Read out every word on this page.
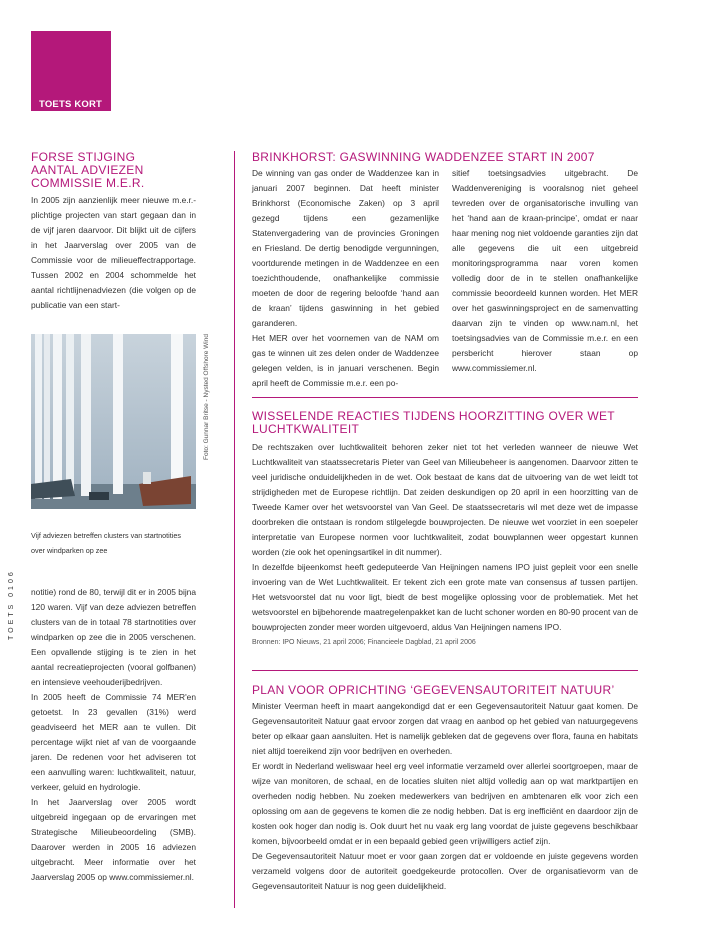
TOETS KORT
TOETS 0106
FORSE STIJGING
AANTAL ADVIEZEN
COMMISSIE M.E.R.

In 2005 zijn aanzienlijk meer nieuwe m.e.r.-plichtige projecten van start gegaan dan in de vijf jaren daarvoor. Dit blijkt uit de cijfers in het Jaarverslag over 2005 van de Commissie voor de milieueffectrapportage. Tussen 2002 en 2004 schommelde het aantal richtlijnenadviezen (die volgen op de publicatie van een start-

Foto: Gunnar Britse - Nysted Offshore Wind
Vijf adviezen betreffen clusters van startnotities over windparken op zee

notitie) rond de 80, terwijl dit er in 2005 bijna 120 waren. Vijf van deze adviezen betreffen clusters van de in totaal 78 startnotities over windparken op zee die in 2005 verschenen. Een opvallende stijging is te zien in het aantal recreatieprojecten (vooral golfbanen) en intensieve veehouderijbedrijven.

In 2005 heeft de Commissie 74 MER'en getoetst. In 23 gevallen (31%) werd geadviseerd het MER aan te vullen. Dit percentage wijkt niet af van de voorgaande jaren. De redenen voor het adviseren tot een aanvulling waren: luchtkwaliteit, natuur, verkeer, geluid en hydrologie.

In het Jaarverslag over 2005 wordt uitgebreid ingegaan op de ervaringen met Strategische Milieubeoordeling (SMB). Daarover werden in 2005 16 adviezen uitgebracht. Meer informatie over het Jaarverslag 2005 op www.commissiemer.nl.

BRINKHORST: GASWINNING WADDENZEE START IN 2007

De winning van gas onder de Waddenzee kan in januari 2007 beginnen. Dat heeft minister Brinkhorst (Economische Zaken) op 3 april gezegd tijdens een gezamenlijke Statenvergadering van de provincies Groningen en Friesland. De dertig benodigde vergunningen, voortdurende metingen in de Waddenzee en een toezichthoudende, onafhankelijke commissie moeten de door de regering beloofde ‘hand aan de kraan’ tijdens gaswinning in het gebied garanderen.

Het MER over het voornemen van de NAM om gas te winnen uit zes delen onder de Waddenzee gelegen velden, is in januari verschenen. Begin april heeft de Commissie m.e.r. een po-

sitief toetsingsadvies uitgebracht. De Waddenvereniging is vooralsnog niet geheel tevreden over de organisatorische invulling van het ‘hand aan de kraan-principe’, omdat er naar haar mening nog niet voldoende garanties zijn dat alle gegevens die uit een uitgebreid monitoringsprogramma naar voren komen volledig door de in te stellen onafhankelijke commissie beoordeeld kunnen worden. Het MER over het gaswinningsproject en de samenvatting daarvan zijn te vinden op www.nam.nl, het toetsingsadvies van de Commissie m.e.r. en een persbericht hierover staan op www.commissiemer.nl.

WISSELENDE REACTIES TIJDENS HOORZITTING OVER WET LUCHTKWALITEIT

De rechtszaken over luchtkwaliteit behoren zeker niet tot het verleden wanneer de nieuwe Wet Luchtkwaliteit van staatssecretaris Pieter van Geel van Milieubeheer is aangenomen. Daarvoor zitten te veel juridische onduidelijkheden in de wet. Ook bestaat de kans dat de uitvoering van de wet leidt tot strijdigheden met de Europese richtlijn. Dat zeiden deskundigen op 20 april in een hoorzitting van de Tweede Kamer over het wetsvoorstel van Van Geel. De staatssecretaris wil met deze wet de impasse doorbreken die ontstaan is rondom stilgelegde bouwprojecten. De nieuwe wet voorziet in een soepeler interpretatie van Europese normen voor luchtkwaliteit, zodat bouwplannen weer opgestart kunnen worden (zie ook het openingsartikel in dit nummer).

In dezelfde bijeenkomst heeft gedeputeerde Van Heijningen namens IPO juist gepleit voor een snelle invoering van de Wet Luchtkwaliteit. Er tekent zich een grote mate van consensus af tussen partijen. Het wetsvoorstel dat nu voor ligt, biedt de best mogelijke oplossing voor de problematiek. Met het wetsvoorstel en bijbehorende maatregelenpakket kan de lucht schoner worden en 80-90 procent van de bouwprojecten zonder meer worden uitgevoerd, aldus Van Heijningen namens IPO.

Bronnen: IPO Nieuws, 21 april 2006; Financieele Dagblad, 21 april 2006

PLAN VOOR OPRICHTING ‘GEGEVENSAUTORITEIT NATUUR’

Minister Veerman heeft in maart aangekondigd dat er een Gegevensautoriteit Natuur gaat komen. De Gegevensautoriteit Natuur gaat ervoor zorgen dat vraag en aanbod op het gebied van natuurgegevens beter op elkaar gaan aansluiten. Het is namelijk gebleken dat de gegevens over flora, fauna en habitats niet altijd toereikend zijn voor bedrijven en overheden.

Er wordt in Nederland weliswaar heel erg veel informatie verzameld over allerlei soortgroepen, maar de wijze van monitoren, de schaal, en de locaties sluiten niet altijd volledig aan op wat marktpartijen en overheden nodig hebben. Nu zoeken medewerkers van bedrijven en ambtenaren elk voor zich een oplossing om aan de gegevens te komen die ze nodig hebben. Dat is erg inefficiënt en daardoor zijn de kosten ook hoger dan nodig is. Ook duurt het nu vaak erg lang voordat de juiste gegevens beschikbaar komen, bijvoorbeeld omdat er in een bepaald gebied geen vrijwilligers actief zijn.

De Gegevensautoriteit Natuur moet er voor gaan zorgen dat er voldoende en juiste gegevens worden verzameld volgens door de autoriteit goedgekeurde protocollen. Over de organisatievorm van de Gegevensautoriteit Natuur is nog geen duidelijkheid.
